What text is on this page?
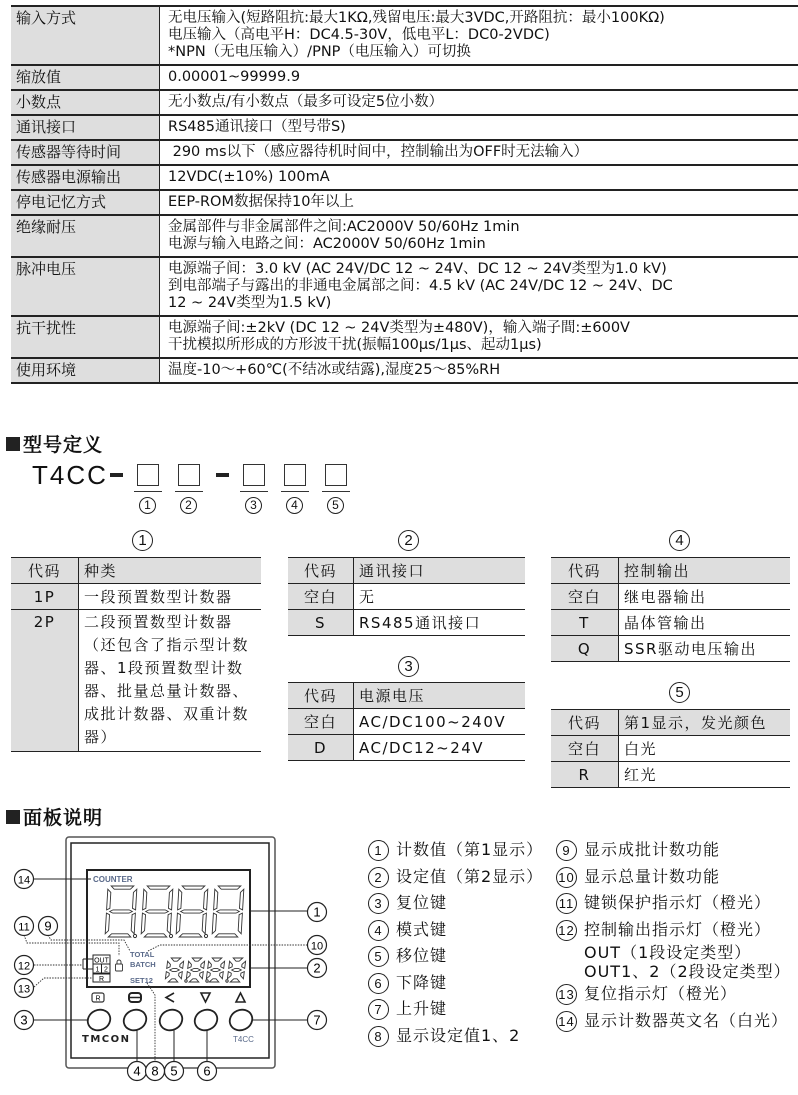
输入方式	无电压输入(短路阻抗:最大1KΩ,残留电压:最大3VDC,开路阻抗：最小100KΩ)
电压输入（高电平H：DC4.5-30V，低电平L：DC0-2VDC)
*NPN（无电压输入）/PNP（电压输入）可切换

缩放值	0.00001~99999.9

小数点	无小数点/有小数点（最多可设定5位小数）

通讯接口	RS485通讯接口（型号带S)

传感器等待时间	290 ms以下（感应器待机时间中，控制输出为OFF时无法输入）

传感器电源输出	12VDC(±10%) 100mA

停电记忆方式	EEP-ROM数据保持10年以上

绝缘耐压	金属部件与非金属部件之间:AC2000V 50/60Hz 1min
电源与输入电路之间：AC2000V 50/60Hz 1min

脉冲电压	电源端子间：3.0 kV (AC 24V/DC 12 ~ 24V、DC 12 ~ 24V类型为1.0 kV)
到电部端子与露出的非通电金属部之间：4.5 kV (AC 24V/DC 12 ~ 24V、DC
12 ~ 24V类型为1.5 kV)

抗干扰性	电源端子间:±2kV (DC 12 ~ 24V类型为±480V)，输入端子間:±600V
干扰模拟所形成的方形波干扰(振幅100μs/1μs、起动1μs)

使用环境	温度-10～+60℃(不结冰或结露),湿度25～85%RH
型号定义
T4CC
1	2	3	4	5
1
代码	种类
1P	一段预置数型计数器
2P	二段预置数型计数器（还包含了指示型计数器、1段预置数型计数器、批量总量计数器、成批计数器、双重计数器）
2
代码	通讯接口
空白	无
S	RS485通讯接口
3
代码	电源电压
空白	AC/DC100~240V
D	AC/DC12~24V
4
代码	控制输出
空白	继电器输出
T	晶体管输出
Q	SSR驱动电压输出
5
代码	第1显示，发光颜色
空白	白光
R	红光
面板说明
COUNTER
TOTAL
BATCH
SET12
OUT
1 2
R
R
TMCON	T4CC
1
2
3
4 5 6
7
8
9
10
11
12
13
14
1 计数值（第1显示）
2 设定值（第2显示）
3 复位键
4 模式键
5 移位键
6 下降键
7 上升键
8 显示设定值1、2
9 显示成批计数功能
10 显示总量计数功能
11 键锁保护指示灯（橙光）
12 控制输出指示灯（橙光）
OUT（1段设定类型）
OUT1、2（2段设定类型）
13 复位指示灯（橙光）
14 显示计数器英文名（白光）
